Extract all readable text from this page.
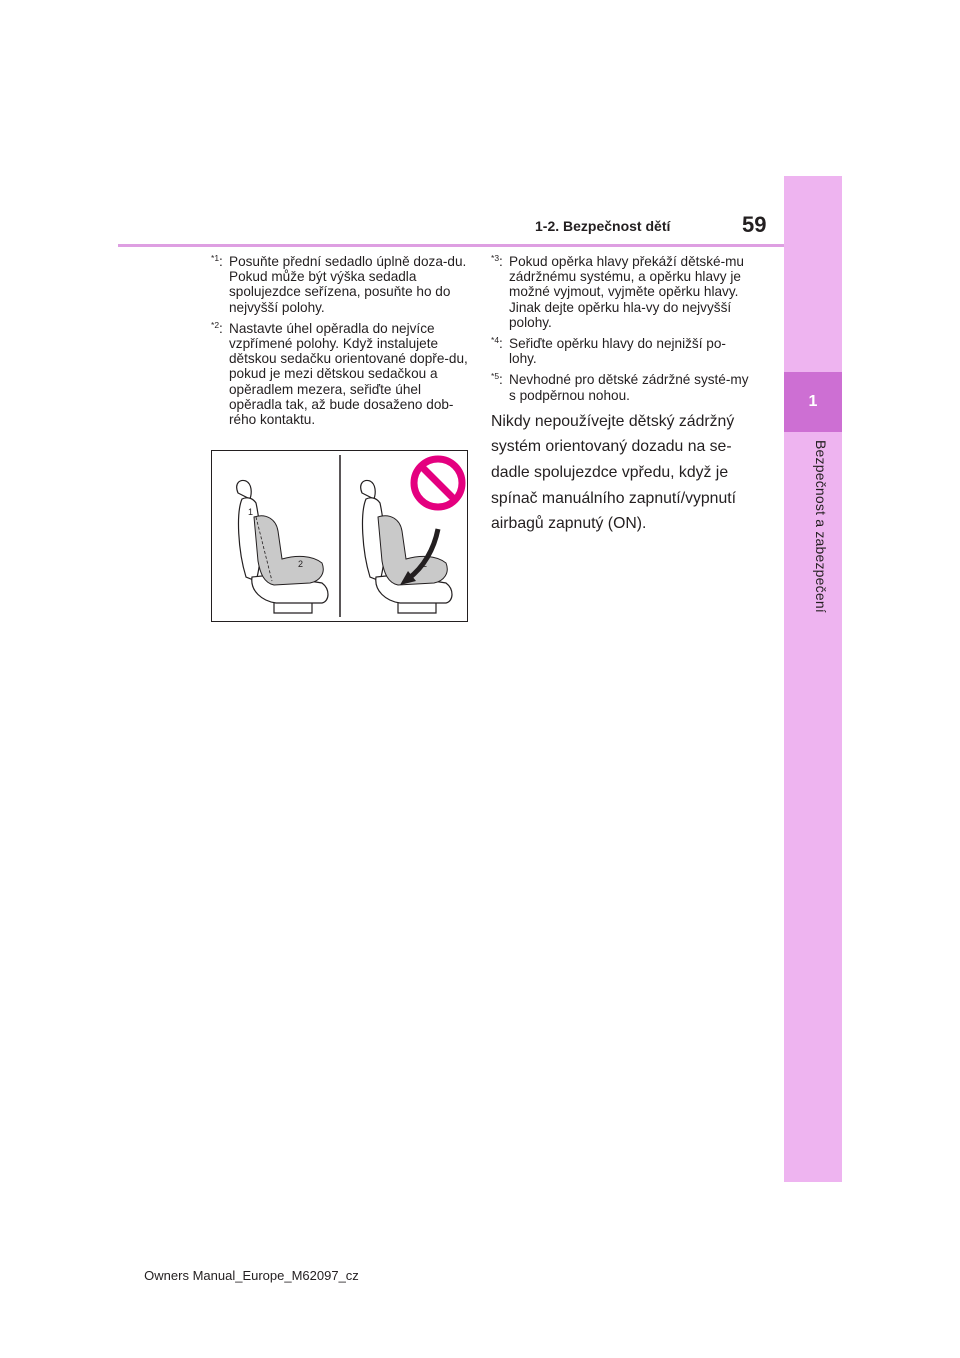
1
Bezpečnost a zabezpečení
1-2. Bezpečnost dětí	59
$^{*1}$: Posuňte přední sedadlo úplně doza-du. Pokud může být výška sedadla spolujezdce seřízena, posuňte ho do nejvyšší polohy.
$^{*2}$: Nastavte úhel opěradla do nejvíce vzpřímené polohy. Když instalujete dětskou sedačku orientované dopře-du, pokud je mezi dětskou sedačkou a opěradlem mezera, seřiďte úhel opěradla tak, až bude dosaženo dob-rého kontaktu.
1
2	2
$^{*3}$: Pokud opěrka hlavy překáží dětské-mu zádržnému systému, a opěrku hlavy je možné vyjmout, vyjměte opěrku hlavy. Jinak dejte opěrku hla-vy do nejvyšší polohy.
$^{*4}$: Seřiďte opěrku hlavy do nejnižší po-lohy.
$^{*5}$: Nevhodné pro dětské zádržné systé-my s podpěrnou nohou.
Nikdy nepoužívejte dětský zádržný systém orientovaný dozadu na se-dadle spolujezdce vpředu, když je spínač manuálního zapnutí/vypnutí airbagů zapnutý (ON).
Owners Manual_Europe_M62097_cz
